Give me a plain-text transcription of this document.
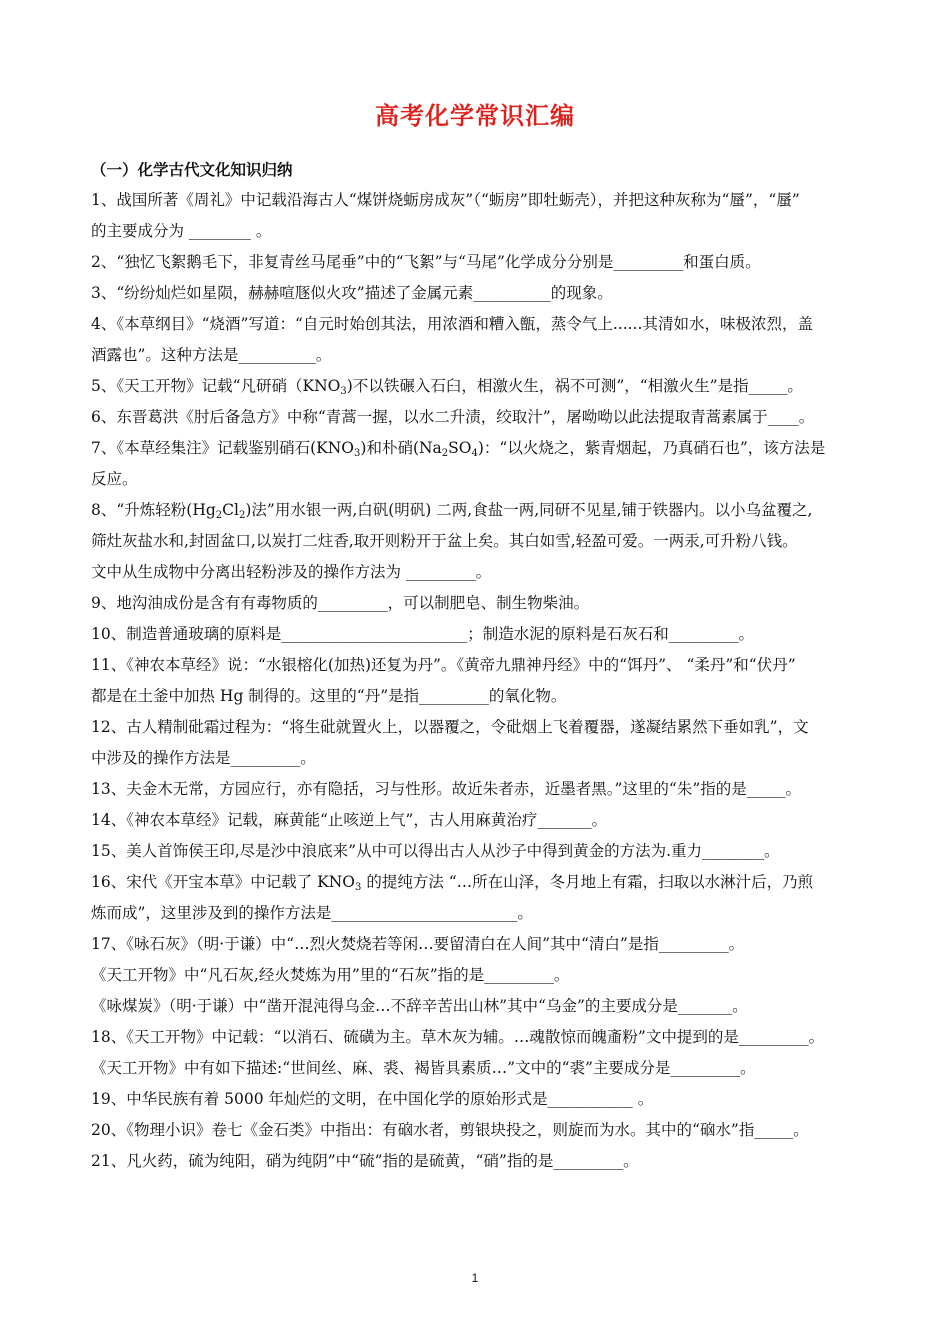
高考化学常识汇编
（一）化学古代文化知识归纳
1、战国所著《周礼》中记载沿海古人“煤饼烧蛎房成灰”（“蛎房”即牡蛎壳），并把这种灰称为“蜃”，“蜃”
的主要成分为 ________ 。
2、“独忆飞絮鹅毛下，非复青丝马尾垂”中的“飞絮”与“马尾”化学成分分别是_________和蛋白质。
3、“纷纷灿烂如星陨，赫赫喧豗似火攻”描述了金属元素__________的现象。
4、《本草纲目》“烧酒”写道：“自元时始创其法，用浓酒和糟入甑，蒸令气上......其清如水，味极浓烈，盖
酒露也”。这种方法是__________。
5、《天工开物》记载“凡研硝$(KNO_3)$不以铁碾入石臼，相激火生，祸不可测”，“相激火生”是指_____。
6、东晋葛洪《肘后备急方》中称“青蒿一握，以水二升渍，绞取汁”，屠呦呦以此法提取青蒿素属于____。
7、《本草经集注》记载鉴别硝石$(KNO_3)$和朴硝$(Na_2SO_4)$：“以火烧之，紫青烟起，乃真硝石也”，该方法是
反应。
8、“升炼轻粉$(Hg_2Cl_2)$法”用水银一两,白矾(明矾) 二两,食盐一两,同研不见星,铺于铁器内。以小乌盆覆之,
筛灶灰盐水和,封固盆口,以炭打二炷香,取开则粉开于盆上矣。其白如雪,轻盈可爱。一两汞,可升粉八钱。
文中从生成物中分离出轻粉涉及的操作方法为 _________。
9、地沟油成份是含有有毒物质的_________，可以制肥皂、制生物柴油。
10、制造普通玻璃的原料是________________________；制造水泥的原料是石灰石和_________。
11、《神农本草经》说：“水银榕化(加热)还复为丹”。《黄帝九鼎神丹经》中的“饵丹”、 “柔丹”和“伏丹”
都是在土釜中加热 Hg 制得的。这里的“丹”是指_________的氧化物。
12、古人精制砒霜过程为：“将生砒就置火上，以器覆之，令砒烟上飞着覆器，遂凝结累然下垂如乳”，文
中涉及的操作方法是_________。
13、夫金木无常，方园应行，亦有隐括，习与性形。故近朱者赤，近墨者黑。”这里的“朱”指的是_____。
14、《神农本草经》记载，麻黄能“止咳逆上气”，古人用麻黄治疗_______。
15、美人首饰侯王印,尽是沙中浪底来”从中可以得出古人从沙子中得到黄金的方法为.重力________。
16、宋代《开宝本草》中记载了 $KNO_3$ 的提纯方法 “…所在山泽，冬月地上有霜，扫取以水淋汁后，乃煎
炼而成”，这里涉及到的操作方法是________________________。
17、《咏石灰》（明·于谦）中“…烈火焚烧若等闲…要留清白在人间”其中“清白”是指_________。
《天工开物》中“凡石灰,经火焚炼为用”里的“石灰”指的是_________。
《咏煤炭》（明·于谦）中“凿开混沌得乌金…不辞辛苦出山林”其中“乌金”的主要成分是_______。
18、《天工开物》中记载：“以消石、硫磺为主。草木灰为辅。…魂散惊而魄齑粉”文中提到的是_________。
《天工开物》中有如下描述:“世间丝、麻、裘、褐皆具素质…”文中的“裘”主要成分是_________。
19、中华民族有着 5000 年灿烂的文明，在中国化学的原始形式是___________ 。
20、《物理小识》卷七《金石类》中指出：有硇水者，剪银块投之，则旋而为水。其中的“硇水”指_____。
21、凡火药，硫为纯阳，硝为纯阴”中“硫”指的是硫黄，“硝”指的是_________。
1
